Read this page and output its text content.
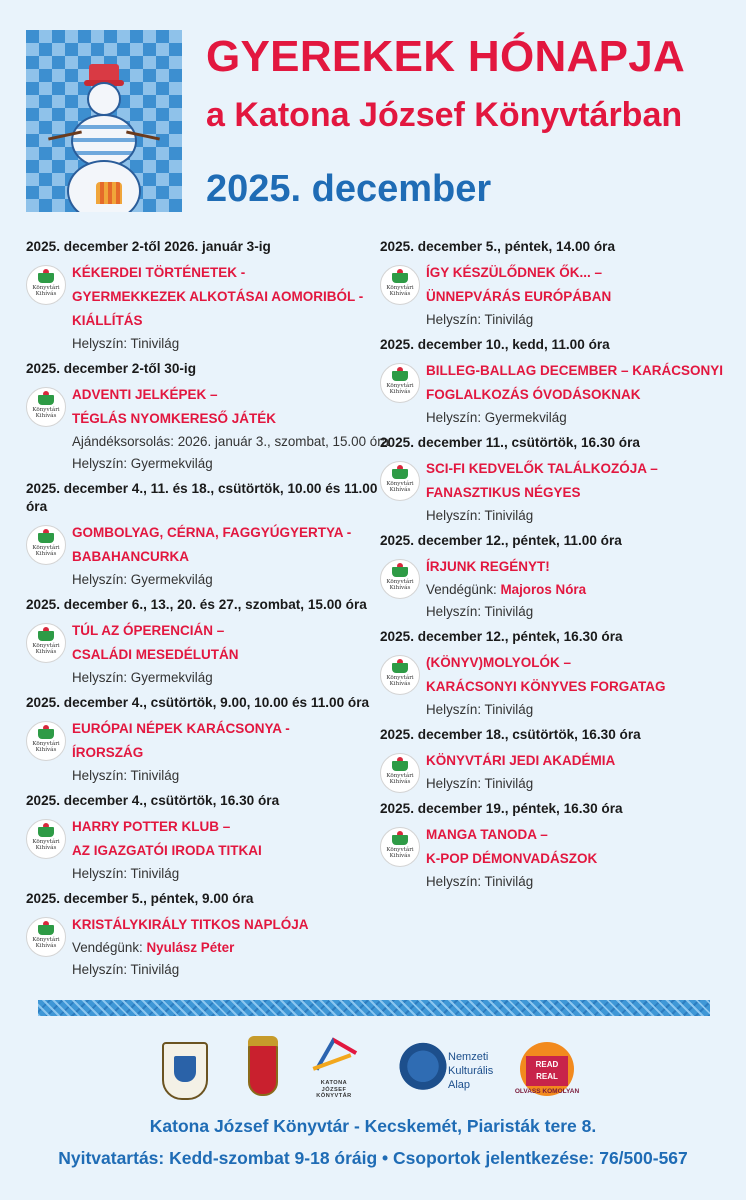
GYEREKEK HÓNAPJA
a Katona József Könyvtárban
2025. december
2025. december 2-től 2026. január 3-ig
Könyvtári
Kihívás
KÉKERDEI TÖRTÉNETEK -
GYERMEKKEZEK ALKOTÁSAI AOMORIBÓL -
KIÁLLÍTÁS
Helyszín: Tinivilág
2025. december 2-től 30-ig
Könyvtári
Kihívás
ADVENTI JELKÉPEK –
TÉGLÁS NYOMKERESŐ JÁTÉK
Ajándéksorsolás: 2026. január 3., szombat, 15.00 óra
Helyszín: Gyermekvilág
2025. december 4., 11. és 18., csütörtök, 10.00 és 11.00 óra
Könyvtári
Kihívás
GOMBOLYAG, CÉRNA, FAGGYÚGYERTYA -
BABAHANCURKA
Helyszín: Gyermekvilág
2025. december 6., 13., 20. és 27., szombat, 15.00 óra
Könyvtári
Kihívás
TÚL AZ ÓPERENCIÁN –
CSALÁDI MESEDÉLUTÁN
Helyszín: Gyermekvilág
2025. december 4., csütörtök, 9.00, 10.00 és 11.00 óra
Könyvtári
Kihívás
EURÓPAI NÉPEK KARÁCSONYA -
ÍRORSZÁG
Helyszín: Tinivilág
2025. december 4., csütörtök, 16.30 óra
Könyvtári
Kihívás
HARRY POTTER KLUB –
AZ IGAZGATÓI IRODA TITKAI
Helyszín: Tinivilág
2025. december 5., péntek, 9.00 óra
Könyvtári
Kihívás
KRISTÁLYKIRÁLY TITKOS NAPLÓJA
Vendégünk: Nyulász Péter
Helyszín: Tinivilág
2025. december 5., péntek, 14.00 óra
Könyvtári
Kihívás
ÍGY KÉSZÜLŐDNEK ŐK... –
ÜNNEPVÁRÁS EURÓPÁBAN
Helyszín: Tinivilág
2025. december 10., kedd, 11.00 óra
Könyvtári
Kihívás
BILLEG-BALLAG DECEMBER – KARÁCSONYI
FOGLALKOZÁS ÓVODÁSOKNAK
Helyszín: Gyermekvilág
2025. december 11., csütörtök, 16.30 óra
Könyvtári
Kihívás
SCI-FI KEDVELŐK TALÁLKOZÓJA –
FANASZTIKUS NÉGYES
Helyszín: Tinivilág
2025. december 12., péntek, 11.00 óra
Könyvtári
Kihívás
ÍRJUNK REGÉNYT!
Vendégünk: Majoros Nóra
Helyszín: Tinivilág
2025. december 12., péntek, 16.30 óra
Könyvtári
Kihívás
(KÖNYV)MOLYOLÓK –
KARÁCSONYI KÖNYVES FORGATAG
Helyszín: Tinivilág
2025. december 18., csütörtök, 16.30 óra
Könyvtári
Kihívás
KÖNYVTÁRI JEDI AKADÉMIA
Helyszín: Tinivilág
2025. december 19., péntek, 16.30 óra
Könyvtári
Kihívás
MANGA TANODA –
K-POP DÉMONVADÁSZOK
Helyszín: Tinivilág
KATONA
JÓZSEF
KÖNYVTÁR
Nemzeti
Kulturális
Alap
READ
REAL
OLVASS KOMOLYAN
Katona József Könyvtár - Kecskemét, Piaristák tere 8.
Nyitvatartás: Kedd-szombat 9-18 óráig • Csoportok jelentkezése: 76/500-567
